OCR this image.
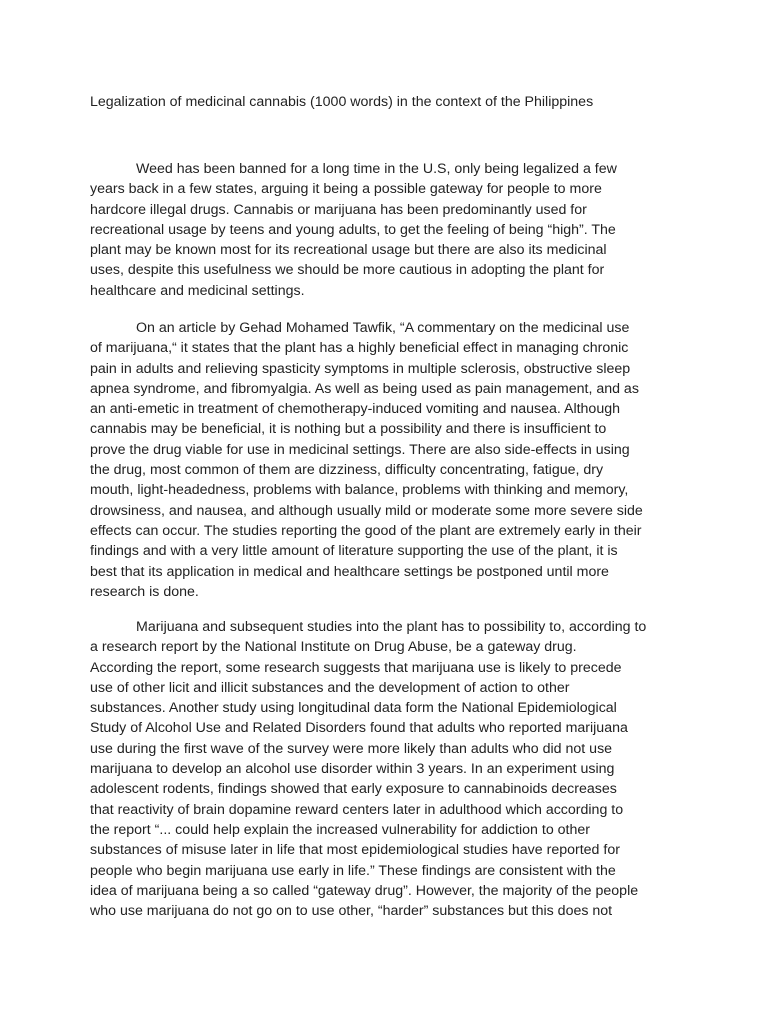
Legalization of medicinal cannabis (1000 words) in the context of the Philippines
Weed has been banned for a long time in the U.S, only being legalized a few
years back in a few states, arguing it being a possible gateway for people to more
hardcore illegal drugs. Cannabis or marijuana has been predominantly used for
recreational usage by teens and young adults, to get the feeling of being “high”. The
plant may be known most for its recreational usage but there are also its medicinal
uses, despite this usefulness we should be more cautious in adopting the plant for
healthcare and medicinal settings.
On an article by Gehad Mohamed Tawfik, “A commentary on the medicinal use
of marijuana,“ it states that the plant has a highly beneficial effect in managing chronic
pain in adults and relieving spasticity symptoms in multiple sclerosis, obstructive sleep
apnea syndrome, and fibromyalgia. As well as being used as pain management, and as
an anti-emetic in treatment of chemotherapy-induced vomiting and nausea. Although
cannabis may be beneficial, it is nothing but a possibility and there is insufficient to
prove the drug viable for use in medicinal settings. There are also side-effects in using
the drug, most common of them are dizziness, difficulty concentrating, fatigue, dry
mouth, light-headedness, problems with balance, problems with thinking and memory,
drowsiness, and nausea, and although usually mild or moderate some more severe side
effects can occur. The studies reporting the good of the plant are extremely early in their
findings and with a very little amount of literature supporting the use of the plant, it is
best that its application in medical and healthcare settings be postponed until more
research is done.
Marijuana and subsequent studies into the plant has to possibility to, according to
a research report by the National Institute on Drug Abuse, be a gateway drug.
According the report, some research suggests that marijuana use is likely to precede
use of other licit and illicit substances and the development of action to other
substances. Another study using longitudinal data form the National Epidemiological
Study of Alcohol Use and Related Disorders found that adults who reported marijuana
use during the first wave of the survey were more likely than adults who did not use
marijuana to develop an alcohol use disorder within 3 years. In an experiment using
adolescent rodents, findings showed that early exposure to cannabinoids decreases
that reactivity of brain dopamine reward centers later in adulthood which according to
the report “... could help explain the increased vulnerability for addiction to other
substances of misuse later in life that most epidemiological studies have reported for
people who begin marijuana use early in life.” These findings are consistent with the
idea of marijuana being a so called “gateway drug”. However, the majority of the people
who use marijuana do not go on to use other, “harder” substances but this does not
